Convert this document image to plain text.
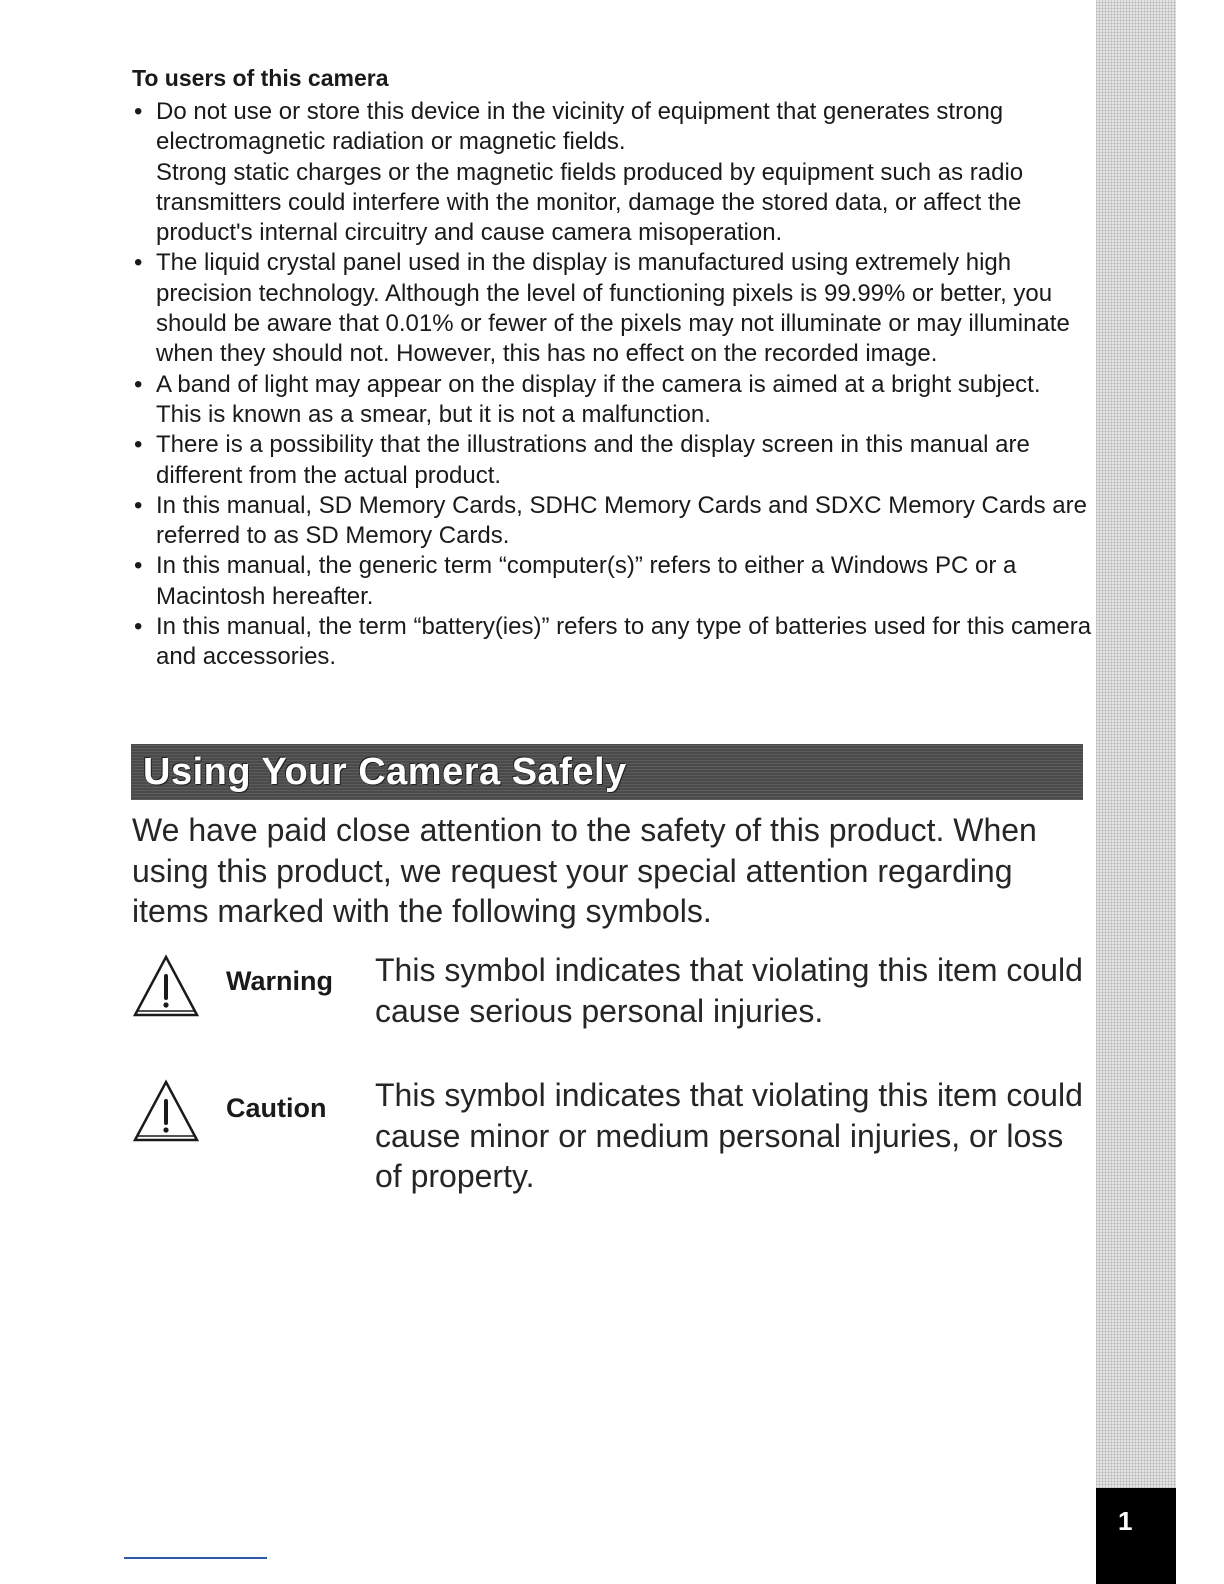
1
To users of this camera
• Do not use or store this device in the vicinity of equipment that generates strong electromagnetic radiation or magnetic fields.
Strong static charges or the magnetic fields produced by equipment such as radio transmitters could interfere with the monitor, damage the stored data, or affect the product's internal circuitry and cause camera misoperation.
• The liquid crystal panel used in the display is manufactured using extremely high precision technology. Although the level of functioning pixels is 99.99% or better, you should be aware that 0.01% or fewer of the pixels may not illuminate or may illuminate when they should not. However, this has no effect on the recorded image.
• A band of light may appear on the display if the camera is aimed at a bright subject. This is known as a smear, but it is not a malfunction.
• There is a possibility that the illustrations and the display screen in this manual are different from the actual product.
• In this manual, SD Memory Cards, SDHC Memory Cards and SDXC Memory Cards are referred to as SD Memory Cards.
• In this manual, the generic term “computer(s)” refers to either a Windows PC or a Macintosh hereafter.
• In this manual, the term “battery(ies)” refers to any type of batteries used for this camera and accessories.
Using Your Camera Safely

We have paid close attention to the safety of this product. When using this product, we request your special attention regarding items marked with the following symbols.

Warning This symbol indicates that violating this item could cause serious personal injuries.
Caution This symbol indicates that violating this item could cause minor or medium personal injuries, or loss of property.
